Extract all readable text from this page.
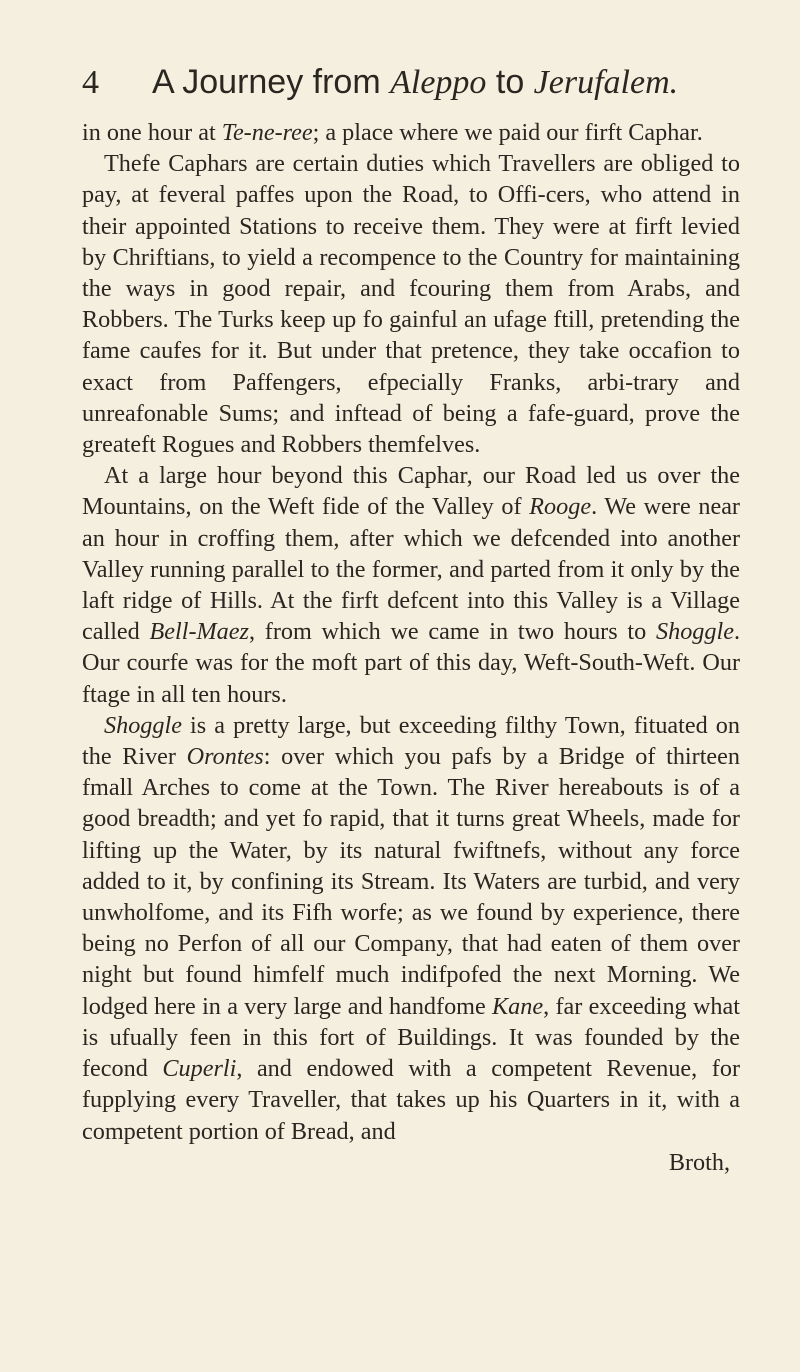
4	A Journey from Aleppo to Jerufalem.

in one hour at Te-ne-ree; a place where we paid our firft Caphar.

Thefe Caphars are certain duties which Travellers are obliged to pay, at feveral paffes upon the Road, to Offi-cers, who attend in their appointed Stations to receive them. They were at firft levied by Chriftians, to yield a recompence to the Country for maintaining the ways in good repair, and fcouring them from Arabs, and Robbers. The Turks keep up fo gainful an ufage ftill, pretending the fame caufes for it. But under that pretence, they take occafion to exact from Paffengers, efpecially Franks, arbi-trary and unreafonable Sums; and inftead of being a fafe-guard, prove the greateft Rogues and Robbers themfelves.

At a large hour beyond this Caphar, our Road led us over the Mountains, on the Weft fide of the Valley of Rooge. We were near an hour in croffing them, after which we defcended into another Valley running parallel to the former, and parted from it only by the laft ridge of Hills. At the firft defcent into this Valley is a Village called Bell-Maez, from which we came in two hours to Shoggle. Our courfe was for the moft part of this day, Weft-South-Weft. Our ftage in all ten hours.

Shoggle is a pretty large, but exceeding filthy Town, fituated on the River Orontes: over which you pafs by a Bridge of thirteen fmall Arches to come at the Town. The River hereabouts is of a good breadth; and yet fo rapid, that it turns great Wheels, made for lifting up the Water, by its natural fwiftnefs, without any force added to it, by confining its Stream. Its Waters are turbid, and very unwholfome, and its Fifh worfe; as we found by experience, there being no Perfon of all our Company, that had eaten of them over night but found himfelf much indifpofed the next Morning. We lodged here in a very large and handfome Kane, far exceeding what is ufually feen in this fort of Buildings. It was founded by the fecond Cuperli, and endowed with a competent Revenue, for fupplying every Traveller, that takes up his Quarters in it, with a competent portion of Bread, and

Broth,
